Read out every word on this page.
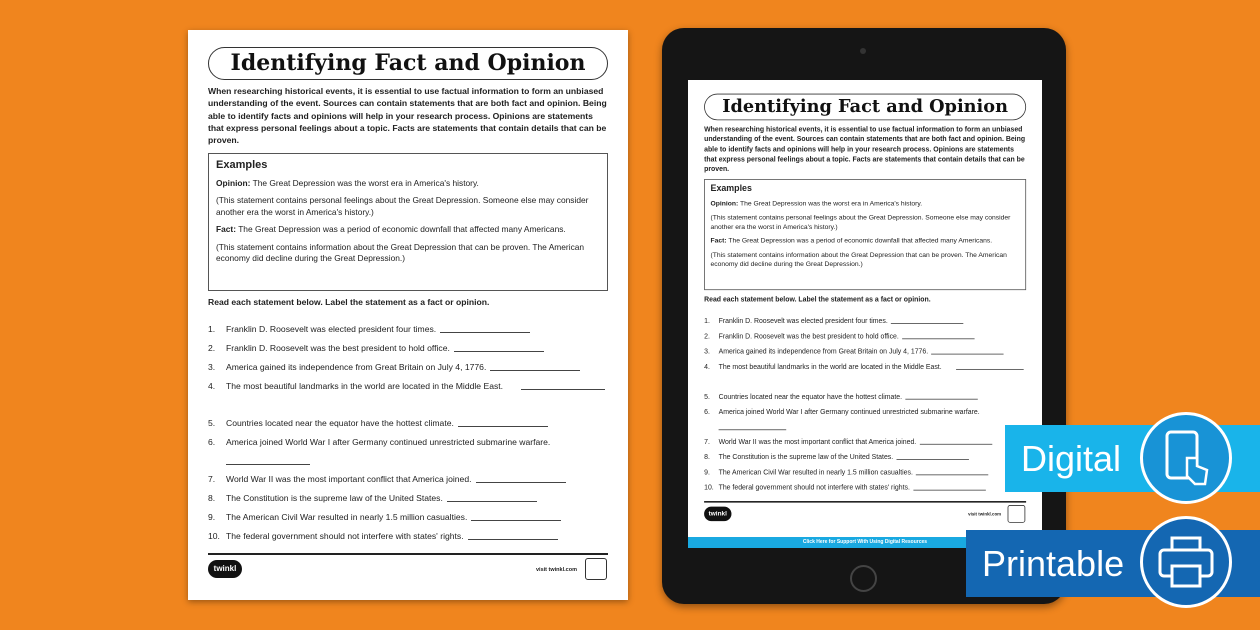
Identifying Fact and Opinion

When researching historical events, it is essential to use factual information to form an unbiased understanding of the event. Sources can contain statements that are both fact and opinion. Being able to identify facts and opinions will help in your research process. Opinions are statements that express personal feelings about a topic. Facts are statements that contain details that can be proven.

Examples

Opinion: The Great Depression was the worst era in America's history.

(This statement contains personal feelings about the Great Depression. Someone else may consider another era the worst in America's history.)

Fact: The Great Depression was a period of economic downfall that affected many Americans.

(This statement contains information about the Great Depression that can be proven. The American economy did decline during the Great Depression.)

Read each statement below. Label the statement as a fact or opinion.
1.	Franklin D. Roosevelt was elected president four times.
2.	Franklin D. Roosevelt was the best president to hold office.
3.	America gained its independence from Great Britain on July 4, 1776.
4.	The most beautiful landmarks in the world are located in the Middle East.
5.	Countries located near the equator have the hottest climate.
6.	America joined World War I after Germany continued unrestricted submarine warfare.
7.	World War II was the most important conflict that America joined.
8.	The Constitution is the supreme law of the United States.
9.	The American Civil War resulted in nearly 1.5 million casualties.
10. The federal government should not interfere with states' rights.
twinkl	visit twinkl.com
Identifying Fact and Opinion

When researching historical events, it is essential to use factual information to form an unbiased understanding of the event. Sources can contain statements that are both fact and opinion. Being able to identify facts and opinions will help in your research process. Opinions are statements that express personal feelings about a topic. Facts are statements that contain details that can be proven.

Examples

Opinion: The Great Depression was the worst era in America's history.

(This statement contains personal feelings about the Great Depression. Someone else may consider another era the worst in America's history.)

Fact: The Great Depression was a period of economic downfall that affected many Americans.

(This statement contains information about the Great Depression that can be proven. The American economy did decline during the Great Depression.)

Read each statement below. Label the statement as a fact or opinion.
1.	Franklin D. Roosevelt was elected president four times.
2.	Franklin D. Roosevelt was the best president to hold office.
3.	America gained its independence from Great Britain on July 4, 1776.
4.	The most beautiful landmarks in the world are located in the Middle East.
5.	Countries located near the equator have the hottest climate.
6.	America joined World War I after Germany continued unrestricted submarine warfare.
7.	World War II was the most important conflict that America joined.
8.	The Constitution is the supreme law of the United States.
9.	The American Civil War resulted in nearly 1.5 million casualties.
10. The federal government should not interfere with states' rights.
twinkl	visit twinkl.com
Click Here for Support With Using Digital Resources
Digital
Printable
